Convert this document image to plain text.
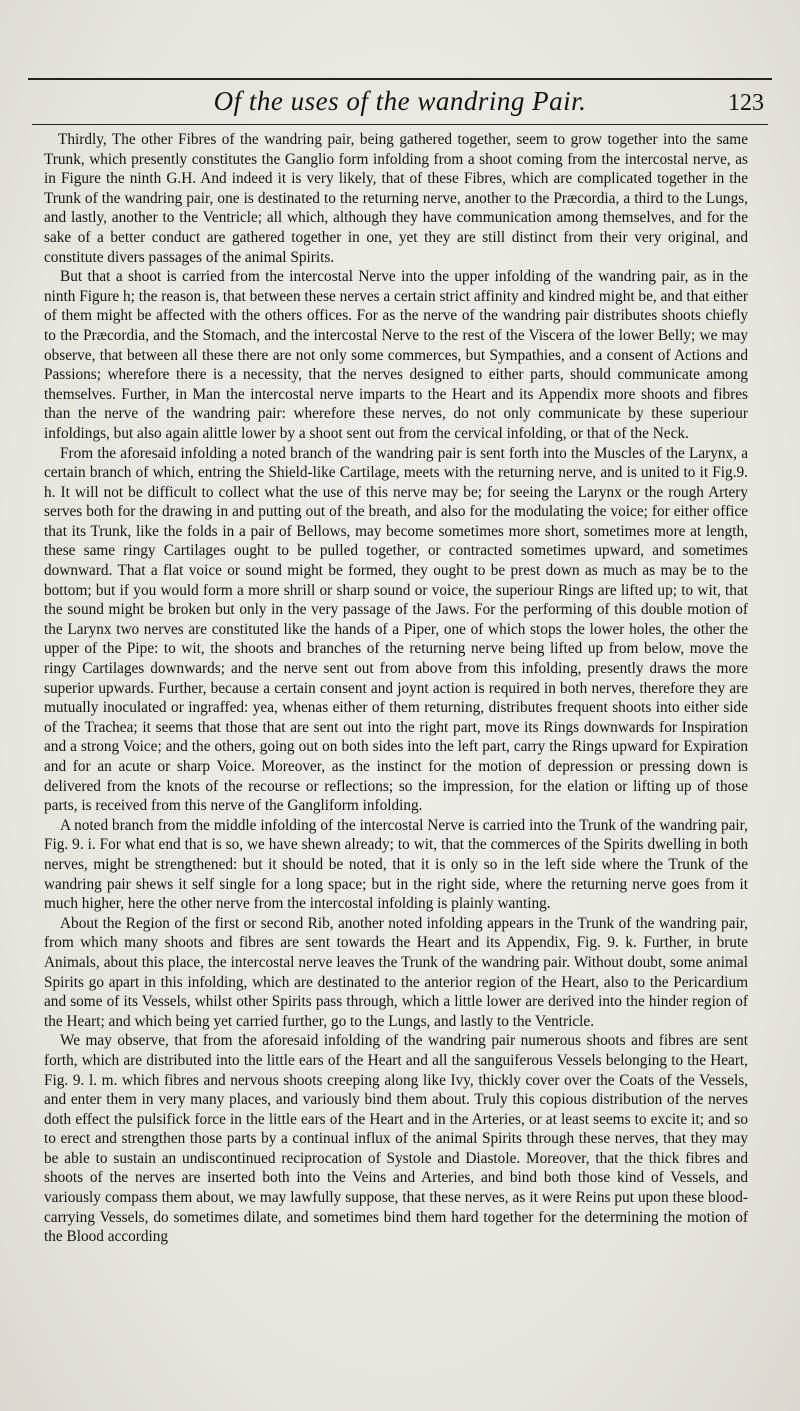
Of the uses of the wandring Pair.	123

Thirdly, The other Fibres of the wandring pair, being gathered together, seem to grow together into the same Trunk, which presently constitutes the Ganglio form infolding from a shoot coming from the intercostal nerve, as in Figure the ninth G.H. And indeed it is very likely, that of these Fibres, which are complicated together in the Trunk of the wandring pair, one is destinated to the returning nerve, another to the Præcordia, a third to the Lungs, and lastly, another to the Ventricle; all which, although they have communication among themselves, and for the sake of a better conduct are gathered together in one, yet they are still distinct from their very original, and constitute divers passages of the animal Spirits.

But that a shoot is carried from the intercostal Nerve into the upper infolding of the wandring pair, as in the ninth Figure h; the reason is, that between these nerves a certain strict affinity and kindred might be, and that either of them might be affected with the others offices. For as the nerve of the wandring pair distributes shoots chiefly to the Præcordia, and the Stomach, and the intercostal Nerve to the rest of the Viscera of the lower Belly; we may observe, that between all these there are not only some commerces, but Sympathies, and a consent of Actions and Passions; wherefore there is a necessity, that the nerves designed to either parts, should communicate among themselves. Further, in Man the intercostal nerve imparts to the Heart and its Appendix more shoots and fibres than the nerve of the wandring pair: wherefore these nerves, do not only communicate by these superiour infoldings, but also again alittle lower by a shoot sent out from the cervical infolding, or that of the Neck.

From the aforesaid infolding a noted branch of the wandring pair is sent forth into the Muscles of the Larynx, a certain branch of which, entring the Shield-like Cartilage, meets with the returning nerve, and is united to it Fig.9. h. It will not be difficult to collect what the use of this nerve may be; for seeing the Larynx or the rough Artery serves both for the drawing in and putting out of the breath, and also for the modulating the voice; for either office that its Trunk, like the folds in a pair of Bellows, may become sometimes more short, sometimes more at length, these same ringy Cartilages ought to be pulled together, or contracted sometimes upward, and sometimes downward. That a flat voice or sound might be formed, they ought to be prest down as much as may be to the bottom; but if you would form a more shrill or sharp sound or voice, the superiour Rings are lifted up; to wit, that the sound might be broken but only in the very passage of the Jaws. For the performing of this double motion of the Larynx two nerves are constituted like the hands of a Piper, one of which stops the lower holes, the other the upper of the Pipe: to wit, the shoots and branches of the returning nerve being lifted up from below, move the ringy Cartilages downwards; and the nerve sent out from above from this infolding, presently draws the more superior upwards. Further, because a certain consent and joynt action is required in both nerves, therefore they are mutually inoculated or ingraffed: yea, whenas either of them returning, distributes frequent shoots into either side of the Trachea; it seems that those that are sent out into the right part, move its Rings downwards for Inspiration and a strong Voice; and the others, going out on both sides into the left part, carry the Rings upward for Expiration and for an acute or sharp Voice. Moreover, as the instinct for the motion of depression or pressing down is delivered from the knots of the recourse or reflections; so the impression, for the elation or lifting up of those parts, is received from this nerve of the Gangliform infolding.

A noted branch from the middle infolding of the intercostal Nerve is carried into the Trunk of the wandring pair, Fig. 9. i. For what end that is so, we have shewn already; to wit, that the commerces of the Spirits dwelling in both nerves, might be strengthened: but it should be noted, that it is only so in the left side where the Trunk of the wandring pair shews it self single for a long space; but in the right side, where the returning nerve goes from it much higher, here the other nerve from the intercostal infolding is plainly wanting.

About the Region of the first or second Rib, another noted infolding appears in the Trunk of the wandring pair, from which many shoots and fibres are sent towards the Heart and its Appendix, Fig. 9. k. Further, in brute Animals, about this place, the intercostal nerve leaves the Trunk of the wandring pair. Without doubt, some animal Spirits go apart in this infolding, which are destinated to the anterior region of the Heart, also to the Pericardium and some of its Vessels, whilst other Spirits pass through, which a little lower are derived into the hinder region of the Heart; and which being yet carried further, go to the Lungs, and lastly to the Ventricle.

We may observe, that from the aforesaid infolding of the wandring pair numerous shoots and fibres are sent forth, which are distributed into the little ears of the Heart and all the sanguiferous Vessels belonging to the Heart, Fig. 9. l. m. which fibres and nervous shoots creeping along like Ivy, thickly cover over the Coats of the Vessels, and enter them in very many places, and variously bind them about. Truly this copious distribution of the nerves doth effect the pulsifick force in the little ears of the Heart and in the Arteries, or at least seems to excite it; and so to erect and strengthen those parts by a continual influx of the animal Spirits through these nerves, that they may be able to sustain an undiscontinued reciprocation of Systole and Diastole. Moreover, that the thick fibres and shoots of the nerves are inserted both into the Veins and Arteries, and bind both those kind of Vessels, and variously compass them about, we may lawfully suppose, that these nerves, as it were Reins put upon these blood-carrying Vessels, do sometimes dilate, and sometimes bind them hard together for the determining the motion of the Blood according
